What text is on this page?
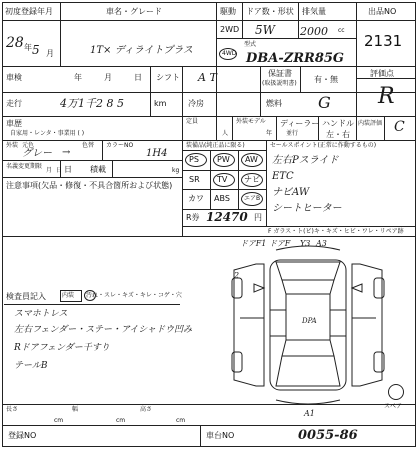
初度登録年月
28 年 5 月
車名・グレード
1T× ディライトプラス
駆動
2WD
4WD
ドア数・形状
5W
排気量
2000 cc
型式
DBA-ZRR85G
出品NO
2131
車検	年	月	日 シフト A T	保証書
(取扱説明書) 有・無
評価点
R
走行	4万1千2 8 5	km	冷房	燃料 G
車歴
自家用・レンタ・事業用 ( )
定員
人
外装モデル
年
ディーラー
並行
ハンドル
左・右
内装評価 C
外装 元色
グレー →
色替 カラーNO
1H4
名義変更期限
月 日 日 積載	kg
注意事項(欠品・修復・不具合箇所および状態)
装備品(純正品に限る)
PS PW AW
SR TV ナビ
カワ ABS エアB
R券 12470 円
セールスポイント(正常に作動するもの)
左右Pスライド
ETC
ナビAW
シートヒーター
F ガラス・ト(ビ)キ・キズ・ヒビ・ワレ・リペア跡
検査員記入	内装 汚れ・スレ・キズ・キレ・コゲ・穴
スマホトレス
左右フェンダー・ステー・アイシャドウ凹み
Rドアフェンダー千すり
テールB
スペア
ドアF1 ドアF Y3 A3
2
DPA
A1
長さ
cm
幅
cm
高さ
cm
登録NO	車台NO	0055-86
